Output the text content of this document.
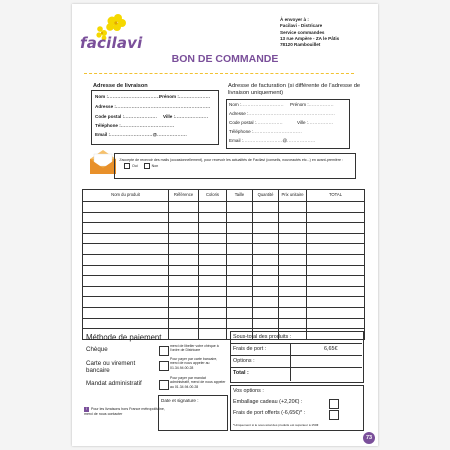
facilavi
À envoyer à :
Facilavi - Districare
Service commandes
13 rue Ampère - ZA le Pâtis
78120 Rambouillet
BON DE COMMANDE
Adresse de livraison
Nom :..................................
Prénom :....................
Adresse :............................................................
Code postal :..................... Ville :.....................
Téléphone :..................................
Email :...........................@...................
Adresse de facturation (si différente de l'adresse de livraison uniquement)
Nom :........................... Prénom :................
Adresse :.......................................................
Code postal :.................	Ville :................
Téléphone :...............................
Email :.........................@..................
J'accepte de recevoir des mails (occasionnellement), pour recevoir les actualités de Facilavi (conseils, nouveautés etc...) en avant-première : Oui	Non
Nom du produit	Référence	Coloris	Taille	Quantité	Prix unitaire	TOTAL

Méthode de paiement
Chèque	merci de libeller votre chèque à l'ordre de Districare
Carte ou virement bancaire
Pour payer par carte bancaire, merci de nous appeler au 01.34.94.00.28
Mandat administratif
Pour payer par mandat administratif, merci de nous appeler au 01.34.94.00.28
Date et signature :
! Pour les livraisons hors France métropolitaine, merci de nous contacter
Sous-total des produits :
Frais de port :	6,65€
Options :
Total :
Vos options :
Emballage cadeau (+2,20€) :
Frais de port offerts (-6,65€)* :
*Uniquement si le sous-total des produits est supérieur à 150€
73
